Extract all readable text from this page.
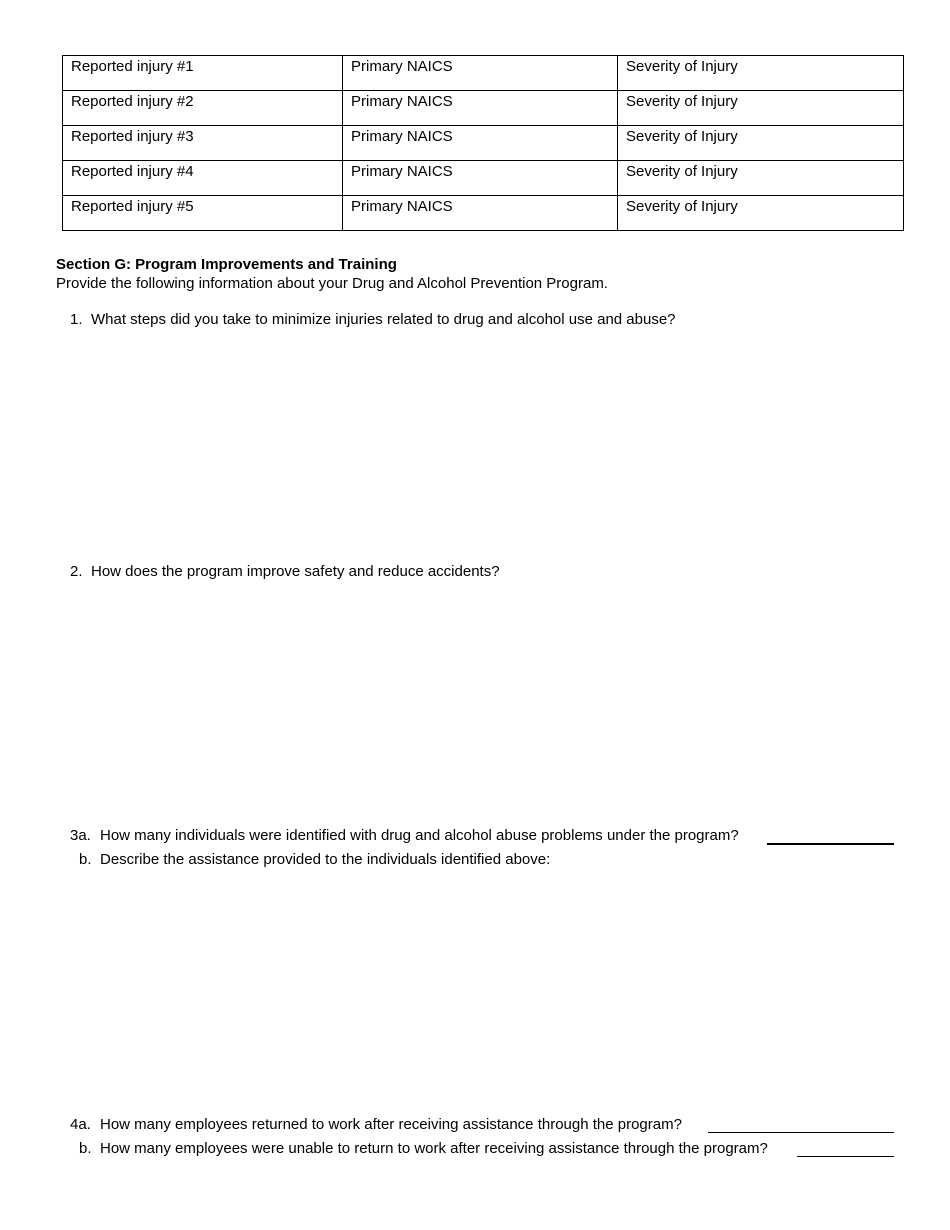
Reported injury #1	Primary NAICS	Severity of Injury
Reported injury #2	Primary NAICS	Severity of Injury
Reported injury #3	Primary NAICS	Severity of Injury
Reported injury #4	Primary NAICS	Severity of Injury
Reported injury #5	Primary NAICS	Severity of Injury
Section G: Program Improvements and Training
Provide the following information about your Drug and Alcohol Prevention Program.
1. What steps did you take to minimize injuries related to drug and alcohol use and abuse?
2. How does the program improve safety and reduce accidents?
3a. How many individuals were identified with drug and alcohol abuse problems under the program?
b. Describe the assistance provided to the individuals identified above:
4a. How many employees returned to work after receiving assistance through the program?
b. How many employees were unable to return to work after receiving assistance through the program?
